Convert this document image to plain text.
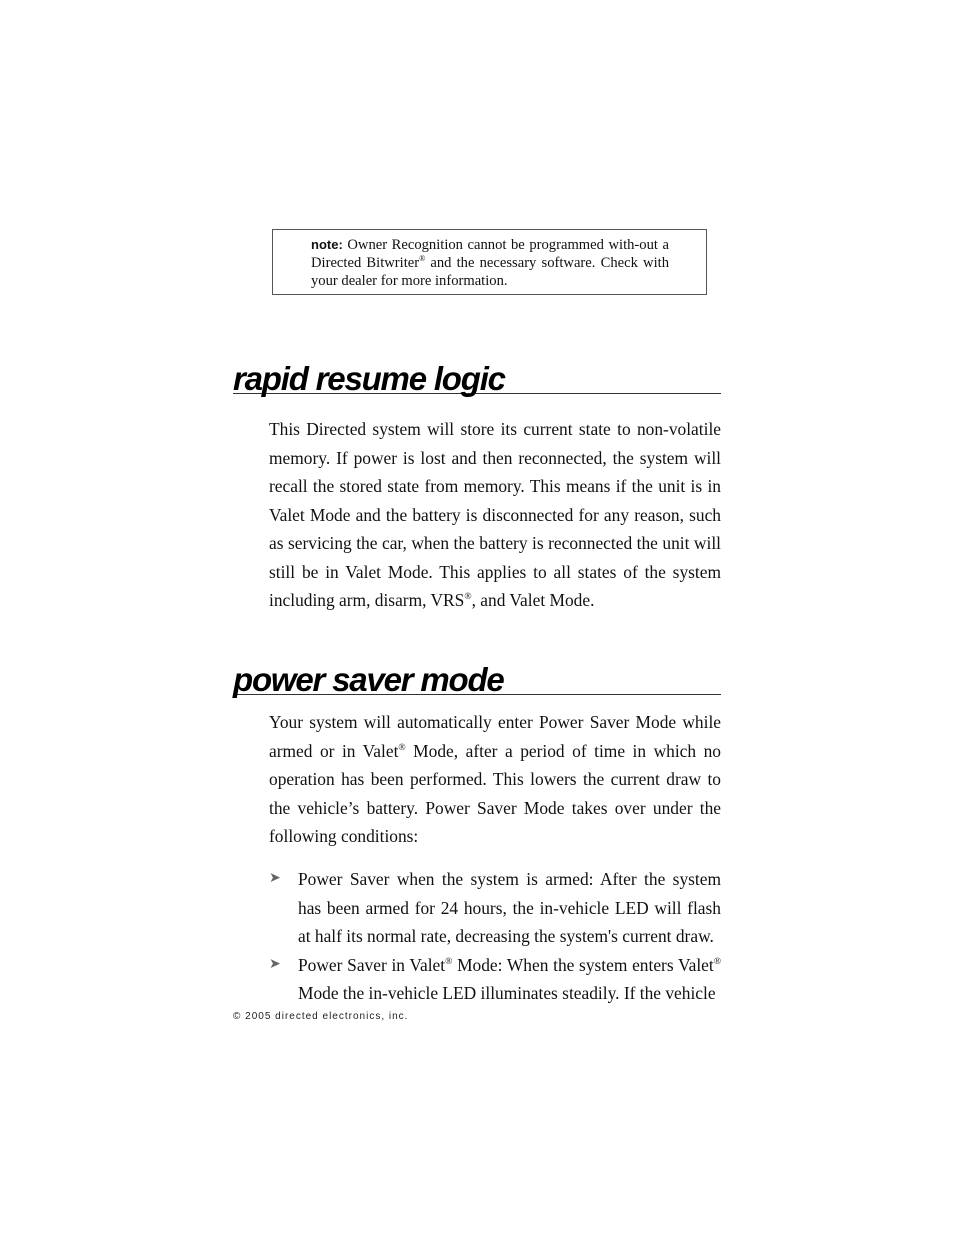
note: Owner Recognition cannot be programmed with-out a Directed Bitwriter® and the necessary software. Check with your dealer for more information.
rapid resume logic
This Directed system will store its current state to non-volatile memory. If power is lost and then reconnected, the system will recall the stored state from memory. This means if the unit is in Valet Mode and the battery is disconnected for any reason, such as servicing the car, when the battery is reconnected the unit will still be in Valet Mode. This applies to all states of the system including arm, disarm, VRS®, and Valet Mode.
power saver mode
Your system will automatically enter Power Saver Mode while armed or in Valet® Mode, after a period of time in which no operation has been performed. This lowers the current draw to the vehicle’s battery. Power Saver Mode takes over under the following conditions:
➤ Power Saver when the system is armed: After the system has been armed for 24 hours, the in-vehicle LED will flash at half its normal rate, decreasing the system's current draw.
➤ Power Saver in Valet® Mode: When the system enters Valet® Mode the in-vehicle LED illuminates steadily. If the vehicle
© 2005 directed electronics, inc.
